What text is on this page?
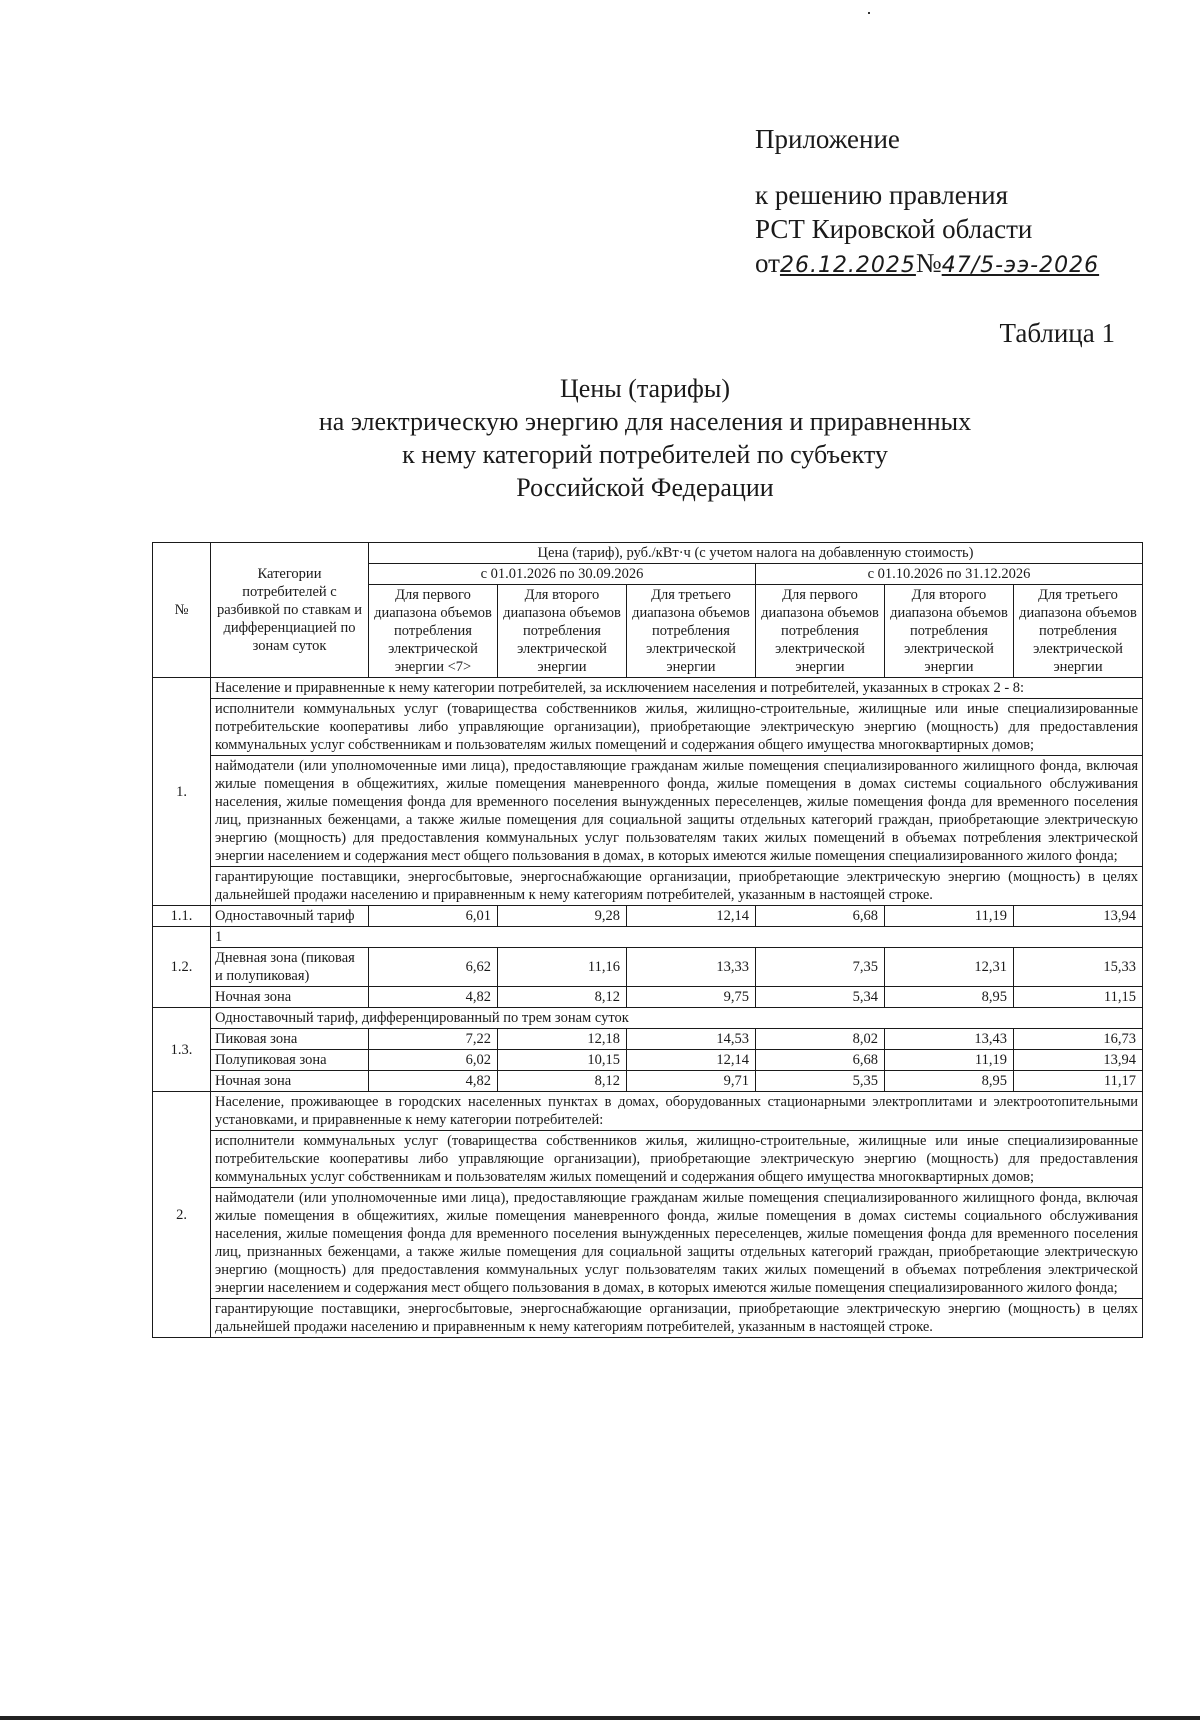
Приложение
к решению правления
РСТ Кировской области
от26.12.2025№47/5-ээ-2026
Таблица 1
Цены (тарифы)
на электрическую энергию для населения и приравненных
к нему категорий потребителей по субъекту
Российской Федерации
№	Категории потребителей с разбивкой по ставкам и дифференциацией по зонам суток	Цена (тариф), руб./кВт·ч (с учетом налога на добавленную стоимость)					
		с 01.01.2026 по 30.09.2026			с 01.10.2026 по 31.12.2026		
		Для первого диапазона объемов потребления электрической энергии <7>	Для второго диапазона объемов потребления электрической энергии	Для третьего диапазона объемов потребления электрической энергии	Для первого диапазона объемов потребления электрической энергии	Для второго диапазона объемов потребления электрической энергии	Для третьего диапазона объемов потребления электрической энергии
1.	Население и приравненные к нему категории потребителей, за исключением населения и потребителей, указанных в строках 2 - 8:						
	исполнители коммунальных услуг (товарищества собственников жилья, жилищно-строительные, жилищные или иные специализированные потребительские кооперативы либо управляющие организации), приобретающие электрическую энергию (мощность) для предоставления коммунальных услуг собственникам и пользователям жилых помещений и содержания общего имущества многоквартирных домов;						
	наймодатели (или уполномоченные ими лица), предоставляющие гражданам жилые помещения специализированного жилищного фонда, включая жилые помещения в общежитиях, жилые помещения маневренного фонда, жилые помещения в домах системы социального обслуживания населения, жилые помещения фонда для временного поселения вынужденных переселенцев, жилые помещения фонда для временного поселения лиц, признанных беженцами, а также жилые помещения для социальной защиты отдельных категорий граждан, приобретающие электрическую энергию (мощность) для предоставления коммунальных услуг пользователям таких жилых помещений в объемах потребления электрической энергии населением и содержания мест общего пользования в домах, в которых имеются жилые помещения специализированного жилого фонда;						
	гарантирующие поставщики, энергосбытовые, энергоснабжающие организации, приобретающие электрическую энергию (мощность) в целях дальнейшей продажи населению и приравненным к нему категориям потребителей, указанным в настоящей строке.						
1.1.	Одноставочный тариф	6,01	9,28	12,14	6,68	11,19	13,94
1.2.	1						
	Дневная зона (пиковая и полупиковая)	6,62	11,16	13,33	7,35	12,31	15,33
	Ночная зона	4,82	8,12	9,75	5,34	8,95	11,15
1.3.	Одноставочный тариф, дифференцированный по трем зонам суток						
	Пиковая зона	7,22	12,18	14,53	8,02	13,43	16,73
	Полупиковая зона	6,02	10,15	12,14	6,68	11,19	13,94
	Ночная зона	4,82	8,12	9,71	5,35	8,95	11,17
2.	Население, проживающее в городских населенных пунктах в домах, оборудованных стационарными электроплитами и электроотопительными установками, и приравненные к нему категории потребителей:						
	исполнители коммунальных услуг (товарищества собственников жилья, жилищно-строительные, жилищные или иные специализированные потребительские кооперативы либо управляющие организации), приобретающие электрическую энергию (мощность) для предоставления коммунальных услуг собственникам и пользователям жилых помещений и содержания общего имущества многоквартирных домов;						
	наймодатели (или уполномоченные ими лица), предоставляющие гражданам жилые помещения специализированного жилищного фонда, включая жилые помещения в общежитиях, жилые помещения маневренного фонда, жилые помещения в домах системы социального обслуживания населения, жилые помещения фонда для временного поселения вынужденных переселенцев, жилые помещения фонда для временного поселения лиц, признанных беженцами, а также жилые помещения для социальной защиты отдельных категорий граждан, приобретающие электрическую энергию (мощность) для предоставления коммунальных услуг пользователям таких жилых помещений в объемах потребления электрической энергии населением и содержания мест общего пользования в домах, в которых имеются жилые помещения специализированного жилого фонда;						
	гарантирующие поставщики, энергосбытовые, энергоснабжающие организации, приобретающие электрическую энергию (мощность) в целях дальнейшей продажи населению и приравненным к нему категориям потребителей, указанным в настоящей строке.						
